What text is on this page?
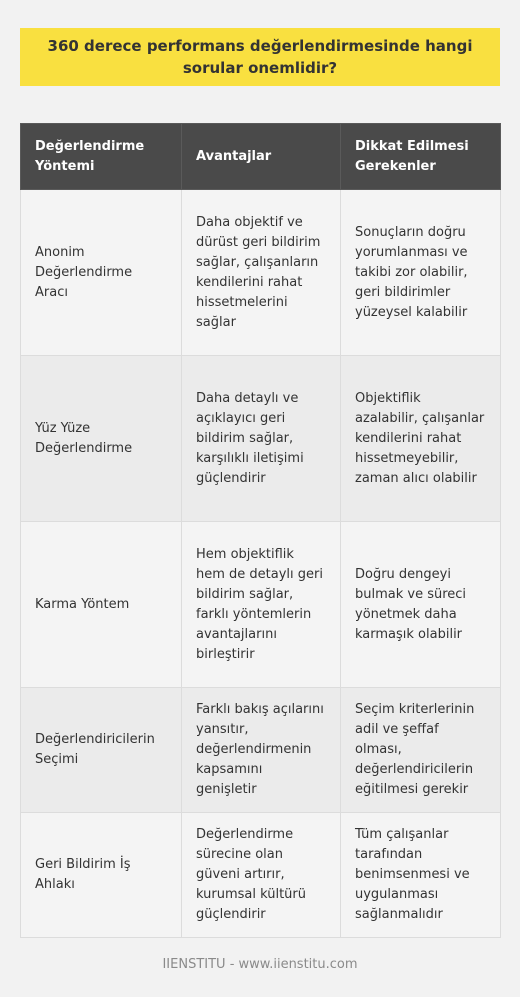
360 derece performans değerlendirmesinde hangi sorular onemlidir?
Değerlendirme Yöntemi	Avantajlar	Dikkat Edilmesi Gerekenler
Anonim Değerlendirme Aracı	Daha objektif ve dürüst geri bildirim sağlar, çalışanların kendilerini rahat hissetmelerini sağlar	Sonuçların doğru yorumlanması ve takibi zor olabilir, geri bildirimler yüzeysel kalabilir
Yüz Yüze Değerlendirme	Daha detaylı ve açıklayıcı geri bildirim sağlar, karşılıklı iletişimi güçlendirir	Objektiflik azalabilir, çalışanlar kendilerini rahat hissetmeyebilir, zaman alıcı olabilir
Karma Yöntem	Hem objektiflik hem de detaylı geri bildirim sağlar, farklı yöntemlerin avantajlarını birleştirir	Doğru dengeyi bulmak ve süreci yönetmek daha karmaşık olabilir
Değerlendiricilerin Seçimi	Farklı bakış açılarını yansıtır, değerlendirmenin kapsamını genişletir	Seçim kriterlerinin adil ve şeffaf olması, değerlendiricilerin eğitilmesi gerekir
Geri Bildirim İş Ahlakı	Değerlendirme sürecine olan güveni artırır, kurumsal kültürü güçlendirir	Tüm çalışanlar tarafından benimsenmesi ve uygulanması sağlanmalıdır
IIENSTITU - www.iienstitu.com
